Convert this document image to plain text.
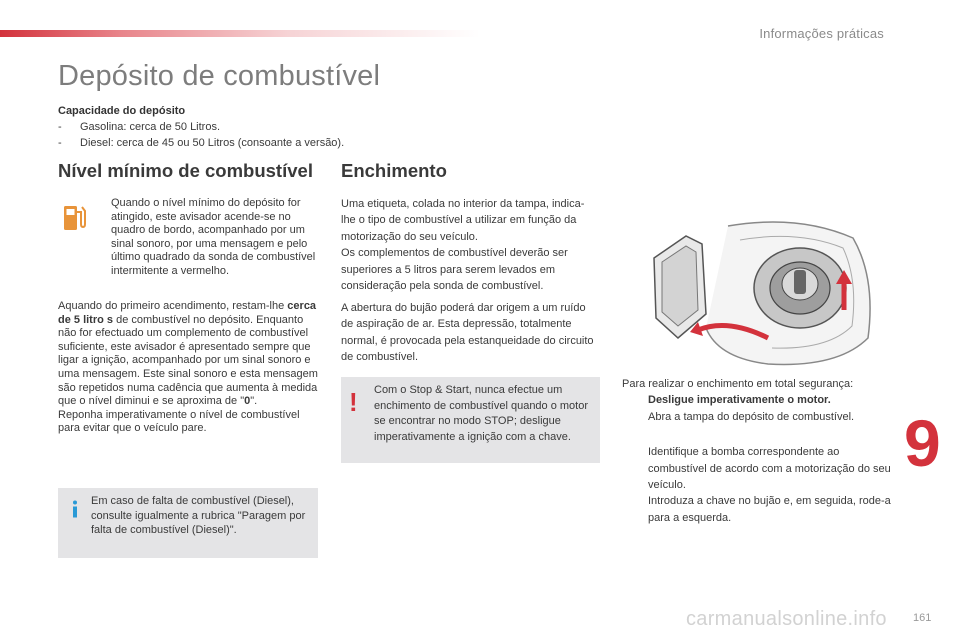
Informações práticas
Depósito de combustível
Capacidade do depósito
-	Gasolina: cerca de 50 Litros.
-	Diesel: cerca de 45 ou 50 Litros (consoante a versão).
Nível mínimo de combustível Enchimento
Quando o nível mínimo do depósito for atingido, este avisador acende-se no quadro de bordo, acompanhado por um sinal sonoro, por uma mensagem e pelo último quadrado da sonda de combustível intermitente a vermelho.
Aquando do primeiro acendimento, restam-lhe cerca de 5 litro s de combustível no depósito. Enquanto não for efectuado um complemento de combustível suficiente, este avisador é apresentado sempre que ligar a ignição, acompanhado por um sinal sonoro e uma mensagem. Este sinal sonoro e esta mensagem são repetidos numa cadência que aumenta à medida que o nível diminui e se aproxima de "0".
Reponha imperativamente o nível de combustível para evitar que o veículo pare.
Em caso de falta de combustível (Diesel), consulte igualmente a rubrica "Paragem por falta de combustível (Diesel)".
Uma etiqueta, colada no interior da tampa, indica-lhe o tipo de combustível a utilizar em função da motorização do seu veículo.
Os complementos de combustível deverão ser superiores a 5 litros para serem levados em consideração pela sonda de combustível.
A abertura do bujão poderá dar origem a um ruído de aspiração de ar. Esta depressão, totalmente normal, é provocada pela estanqueidade do circuito de combustível.
! Com o Stop & Start, nunca efectue um enchimento de combustível quando o motor se encontrar no modo STOP; desligue imperativamente a ignição com a chave.
Para realizar o enchimento em total segurança:
Desligue imperativamente o motor.
Abra a tampa do depósito de combustível.
Identifique a bomba correspondente ao combustível de acordo com a motorização do seu veículo.
Introduza a chave no bujão e, em seguida, rode-a para a esquerda.
9
carmanualsonline.info 161
